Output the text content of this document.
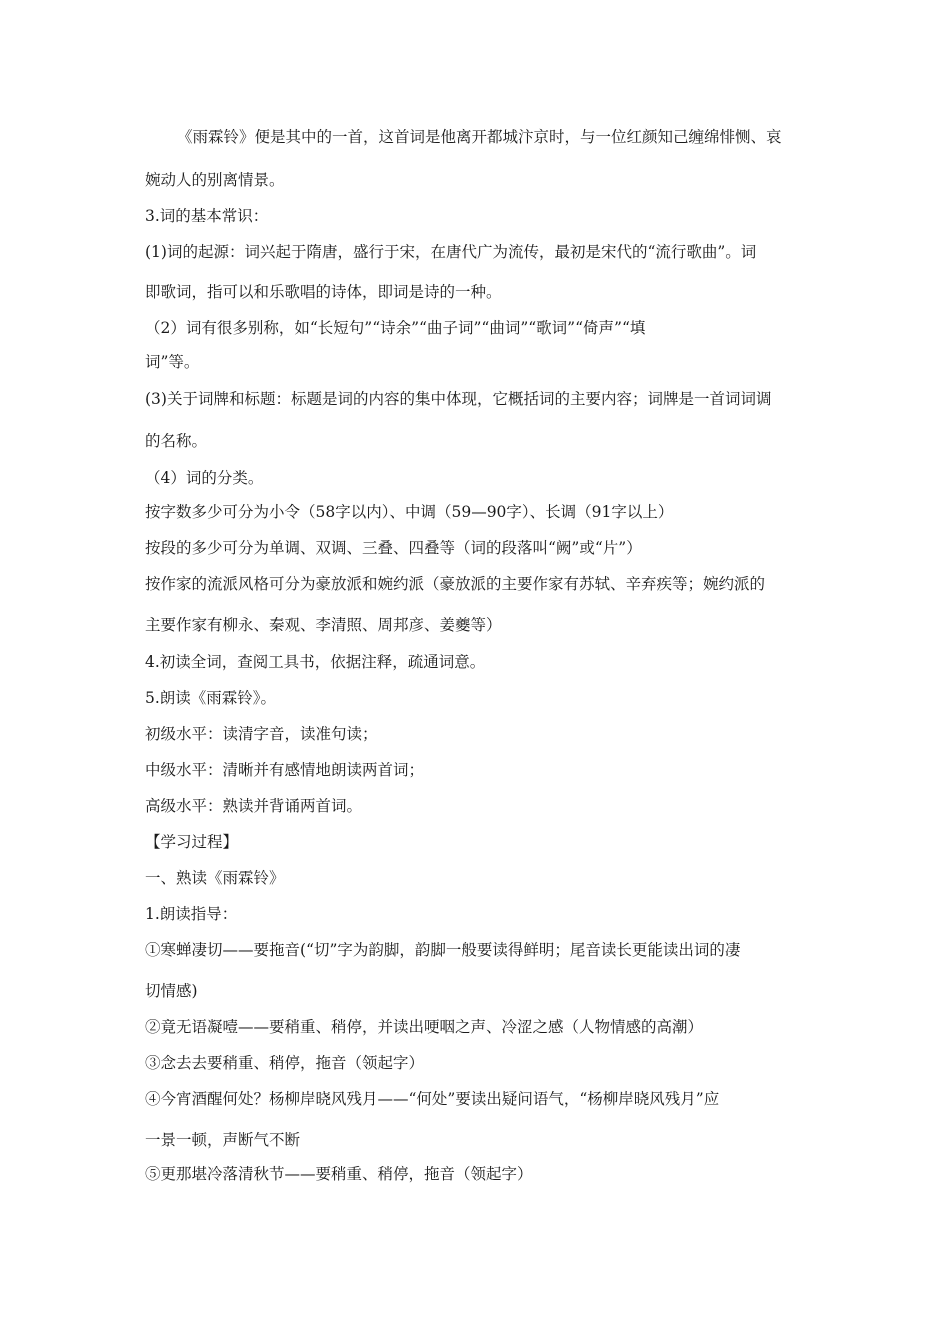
《雨霖铃》便是其中的一首，这首词是他离开都城汴京时，与一位红颜知己缠绵悱恻、哀
婉动人的别离情景。
3.词的基本常识：
(1)词的起源：词兴起于隋唐，盛行于宋，在唐代广为流传，最初是宋代的“流行歌曲”。词
即歌词，指可以和乐歌唱的诗体，即词是诗的一种。
（2）词有很多别称，如“长短句”“诗余”“曲子词”“曲词”“歌词”“倚声”“填
词”等。
(3)关于词牌和标题：标题是词的内容的集中体现，它概括词的主要内容；词牌是一首词词调
的名称。
（4）词的分类。
按字数多少可分为小令（58字以内）、中调（59—90字）、长调（91字以上）
按段的多少可分为单调、双调、三叠、四叠等（词的段落叫“阙”或“片”）
按作家的流派风格可分为豪放派和婉约派（豪放派的主要作家有苏轼、辛弃疾等；婉约派的
主要作家有柳永、秦观、李清照、周邦彦、姜夔等）
4.初读全词，查阅工具书，依据注释，疏通词意。
5.朗读《雨霖铃》。
初级水平：读清字音，读准句读；
中级水平：清晰并有感情地朗读两首词；
高级水平：熟读并背诵两首词。
【学习过程】
一、熟读《雨霖铃》
1.朗读指导：
①寒蝉凄切——要拖音(“切”字为韵脚，韵脚一般要读得鲜明；尾音读长更能读出词的凄
切情感)
②竟无语凝噎——要稍重、稍停，并读出哽咽之声、冷涩之感（人物情感的高潮）
③念去去要稍重、稍停，拖音（领起字）
④今宵酒醒何处？杨柳岸晓风残月——“何处”要读出疑问语气，“杨柳岸晓风残月”应
一景一顿，声断气不断
⑤更那堪冷落清秋节——要稍重、稍停，拖音（领起字）
